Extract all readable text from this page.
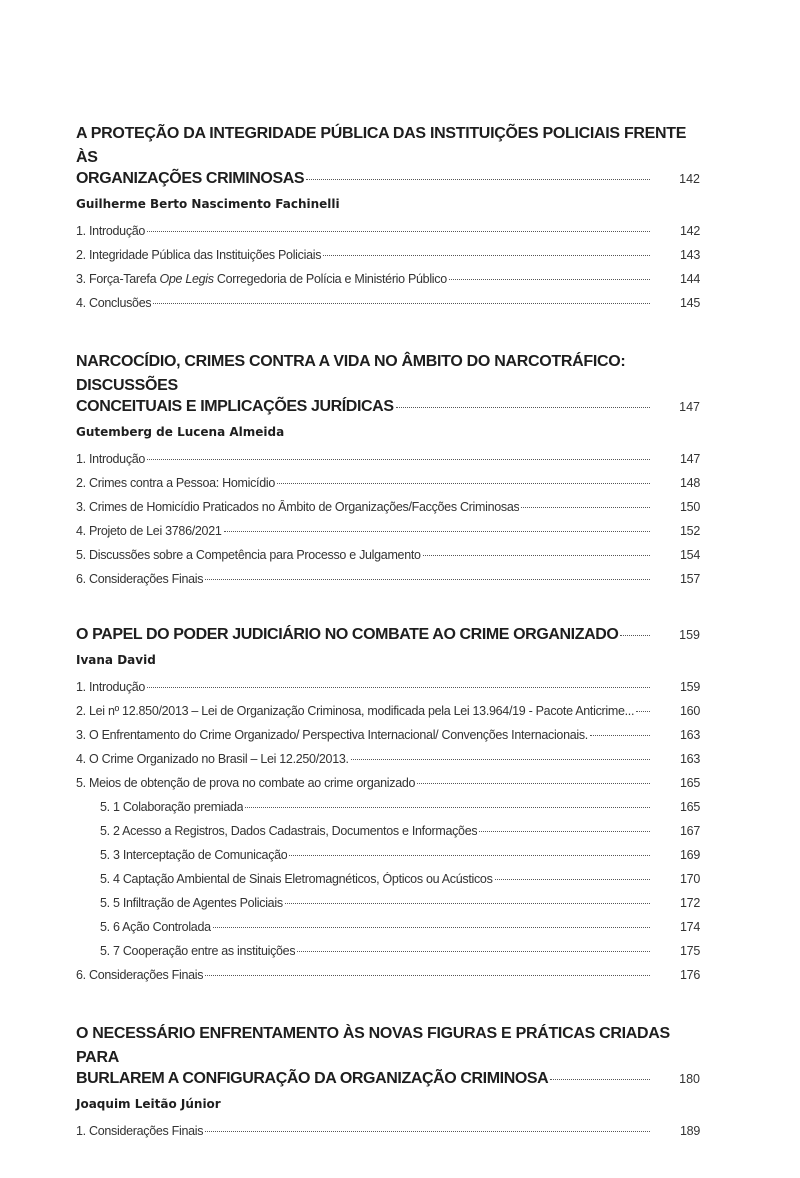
A PROTEÇÃO DA INTEGRIDADE PÚBLICA DAS INSTITUIÇÕES POLICIAIS FRENTE ÀS
ORGANIZAÇÕES CRIMINOSAS	142
Guilherme Berto Nascimento Fachinelli
1. Introdução	142
2. Integridade Pública das Instituições Policiais	143
3. Força-Tarefa Ope Legis Corregedoria de Polícia e Ministério Público	144
4. Conclusões	145
NARCOCÍDIO, CRIMES CONTRA A VIDA NO ÂMBITO DO NARCOTRÁFICO: DISCUSSÕES
CONCEITUAIS E IMPLICAÇÕES JURÍDICAS	147
Gutemberg de Lucena Almeida
1. Introdução	147
2. Crimes contra a Pessoa: Homicídio	148
3. Crimes de Homicídio Praticados no Âmbito de Organizações/Facções Criminosas	150
4. Projeto de Lei 3786/2021	152
5. Discussões sobre a Competência para Processo e Julgamento	154
6. Considerações Finais	157
O PAPEL DO PODER JUDICIÁRIO NO COMBATE AO CRIME ORGANIZADO	159
Ivana David
1. Introdução	159
2. Lei nº 12.850/2013 – Lei de Organização Criminosa, modificada pela Lei 13.964/19 - Pacote Anticrime...	160
3. O Enfrentamento do Crime Organizado/ Perspectiva Internacional/ Convenções Internacionais.	163
4. O Crime Organizado no Brasil – Lei 12.250/2013.	163
5. Meios de obtenção de prova no combate ao crime organizado	165
5. 1 Colaboração premiada	165
5. 2 Acesso a Registros, Dados Cadastrais, Documentos e Informações	167
5. 3 Interceptação de Comunicação	169
5. 4 Captação Ambiental de Sinais Eletromagnéticos, Ópticos ou Acústicos	170
5. 5 Infiltração de Agentes Policiais	172
5. 6 Ação Controlada	174
5. 7 Cooperação entre as instituições	175
6. Considerações Finais	176
O NECESSÁRIO ENFRENTAMENTO ÀS NOVAS FIGURAS E PRÁTICAS CRIADAS PARA
BURLAREM A CONFIGURAÇÃO DA ORGANIZAÇÃO CRIMINOSA	180
Joaquim Leitão Júnior
1. Considerações Finais	189
